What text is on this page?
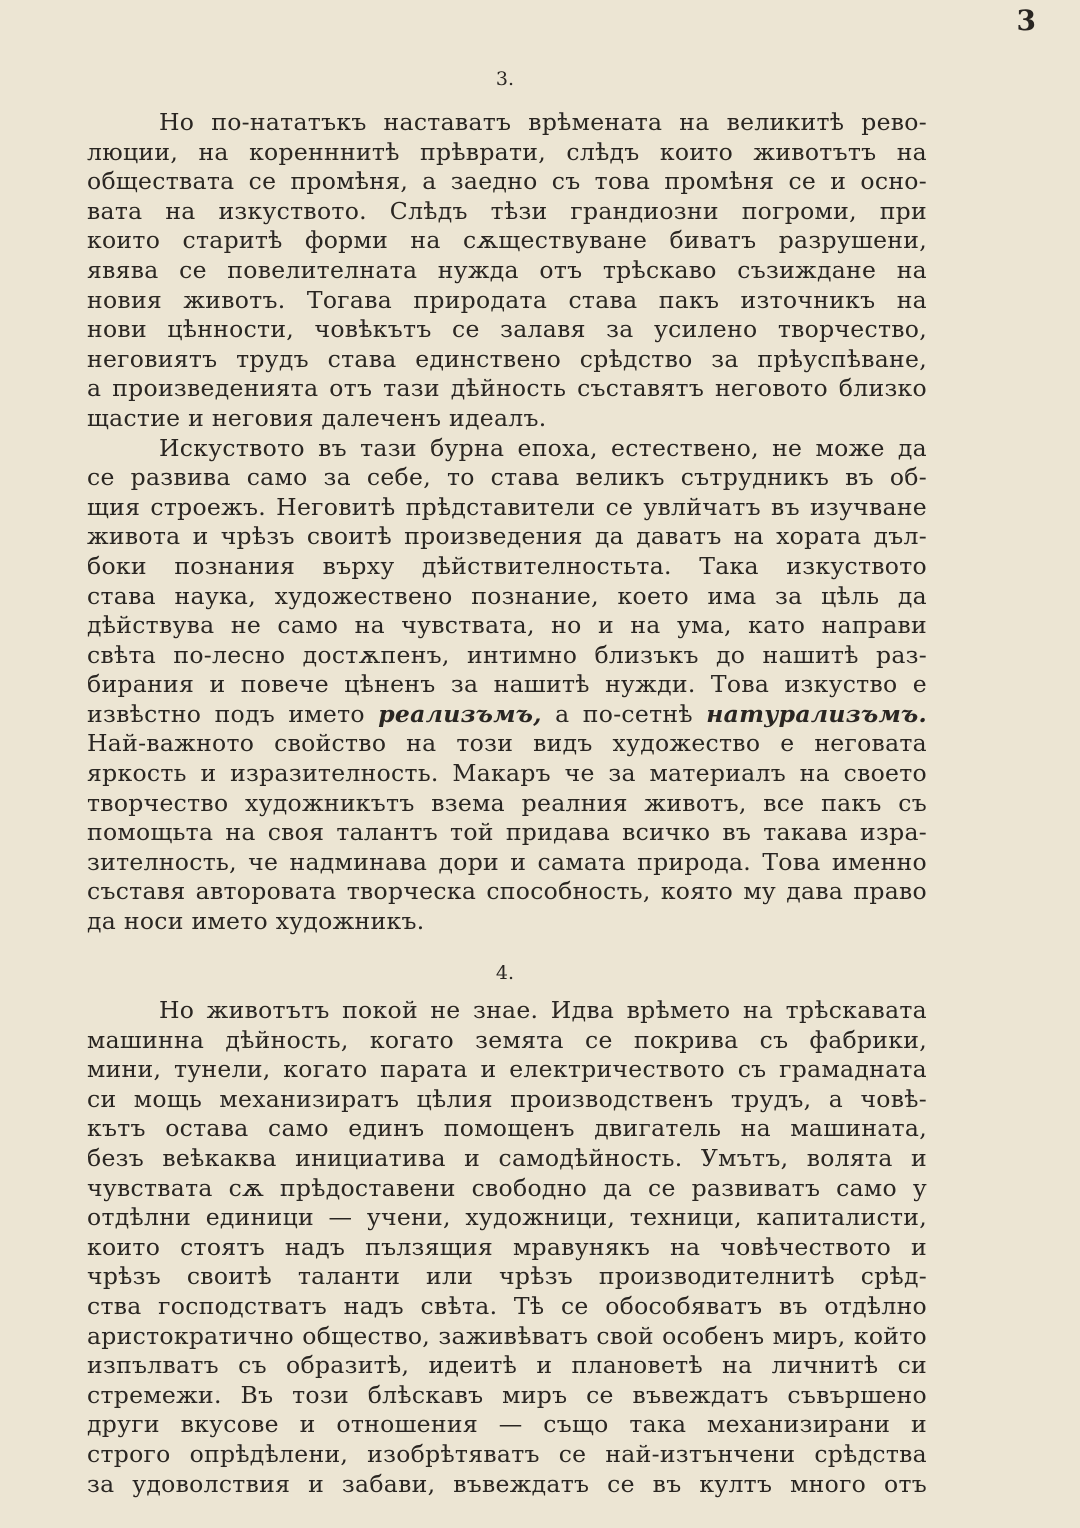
3
3.
Но по-нататъкъ наставатъ врѣмената на великитѣ рево-
люции, на коренннитѣ прѣврати, слѣдъ които животътъ на
обществата се промѣня, а заедно съ това промѣня се и осно-
вата на изкуството. Слѣдъ тѣзи грандиозни погроми, при
които старитѣ форми на сѫществуване биватъ разрушени,
явява се повелителната нужда отъ трѣскаво съзиждане на
новия животъ. Тогава природата става пакъ източникъ на
нови цѣнности, човѣкътъ се залавя за усилено творчество,
неговиятъ трудъ става единствено срѣдство за прѣуспѣване,
а произведенията отъ тази дѣйность съставятъ неговото близко
щастие и неговия далеченъ идеалъ.
Искуството въ тази бурна епоха, естествено, не може да
се развива само за себе, то става великъ сътрудникъ въ об-
щия строежъ. Неговитѣ прѣдставители се увлйчатъ въ изучване
живота и чрѣзъ своитѣ произведения да даватъ на хората дъл-
боки познания върху дѣйствителностьта. Така изкуството
става наука, художествено познание, което има за цѣль да
дѣйствува не само на чувствата, но и на ума, като направи
свѣта по-лесно достѫпенъ, интимно близъкъ до нашитѣ раз-
бирания и повече цѣненъ за нашитѣ нужди. Това изкуство е
извѣстно подъ името реализъмъ, а по-сетнѣ натурализъмъ.
Най-важното свойство на този видъ художество е неговата
яркость и изразителность. Макаръ че за материалъ на своето
творчество художникътъ взема реалния животъ, все пакъ съ
помощьта на своя талантъ той придава всичко въ такава изра-
зителность, че надминава дори и самата природа. Това именно
съставя авторовата творческа способность, която му дава право
да носи името художникъ.
4.
Но животътъ покой не знае. Идва врѣмето на трѣскавата
машинна дѣйность, когато земята се покрива съ фабрики,
мини, тунели, когато парата и електричеството съ грамадната
си мощь механизиратъ цѣлия производственъ трудъ, а човѣ-
кътъ остава само единъ помощенъ двигатель на машината,
безъ веѣкаква инициатива и самодѣйность. Умътъ, волята и
чувствата сѫ прѣдоставени свободно да се развиватъ само у
отдѣлни единици — учени, художници, техници, капиталисти,
които стоятъ надъ пълзящия мравунякъ на човѣчеството и
чрѣзъ своитѣ таланти или чрѣзъ производителнитѣ срѣд-
ства господстватъ надъ свѣта. Тѣ се обособяватъ въ отдѣлно
аристократично общество, заживѣватъ свой особенъ миръ, който
изпълватъ съ образитѣ, идеитѣ и плановетѣ на личнитѣ си
стремежи. Въ този блѣскавъ миръ се въвеждатъ съвършено
други вкусове и отношения — също така механизирани и
строго опрѣдѣлени, изобрѣтяватъ се най-изтънчени срѣдства
за удоволствия и забави, въвеждатъ се въ култъ много отъ
